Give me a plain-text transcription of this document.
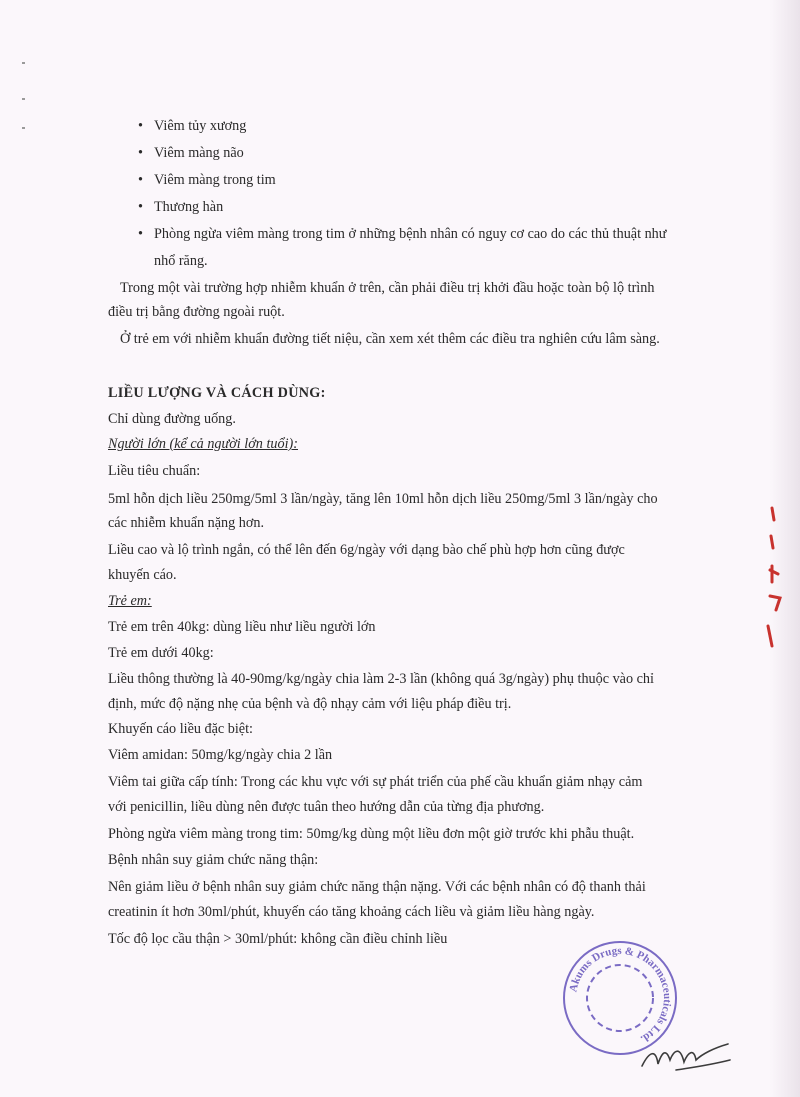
• Viêm tủy xương
• Viêm màng não
• Viêm màng trong tim
• Thương hàn
• Phòng ngừa viêm màng trong tim ở những bệnh nhân có nguy cơ cao do các thủ thuật như

nhổ răng.

Trong một vài trường hợp nhiễm khuẩn ở trên, cần phải điều trị khởi đầu hoặc toàn bộ lộ trình

điều trị bằng đường ngoài ruột.

Ở trẻ em với nhiễm khuẩn đường tiết niệu, cần xem xét thêm các điều tra nghiên cứu lâm sàng.

LIỀU LƯỢNG VÀ CÁCH DÙNG:

Chỉ dùng đường uống.

Người lớn (kể cả người lớn tuổi):

Liều tiêu chuẩn:

5ml hỗn dịch liều 250mg/5ml 3 lần/ngày, tăng lên 10ml hỗn dịch liều 250mg/5ml 3 lần/ngày cho

các nhiễm khuẩn nặng hơn.

Liều cao và lộ trình ngắn, có thể lên đến 6g/ngày với dạng bào chế phù hợp hơn cũng được

khuyến cáo.

Trẻ em:

Trẻ em trên 40kg: dùng liều như liều người lớn

Trẻ em dưới 40kg:

Liều thông thường là 40-90mg/kg/ngày chia làm 2-3 lần (không quá 3g/ngày) phụ thuộc vào chỉ

định, mức độ nặng nhẹ của bệnh và độ nhạy cảm với liệu pháp điều trị.

Khuyến cáo liều đặc biệt:

Viêm amidan: 50mg/kg/ngày chia 2 lần

Viêm tai giữa cấp tính: Trong các khu vực với sự phát triển của phế cầu khuẩn giảm nhạy cảm

với penicillin, liều dùng nên được tuân theo hướng dẫn của từng địa phương.

Phòng ngừa viêm màng trong tim: 50mg/kg dùng một liều đơn một giờ trước khi phẫu thuật.

Bệnh nhân suy giảm chức năng thận:

Nên giảm liều ở bệnh nhân suy giảm chức năng thận nặng. Với các bệnh nhân có độ thanh thải

creatinin ít hơn 30ml/phút, khuyến cáo tăng khoảng cách liều và giảm liều hàng ngày.

Tốc độ lọc cầu thận > 30ml/phút: không cần điều chỉnh liều

Akums Drugs & Pharmaceuticals Ltd.
